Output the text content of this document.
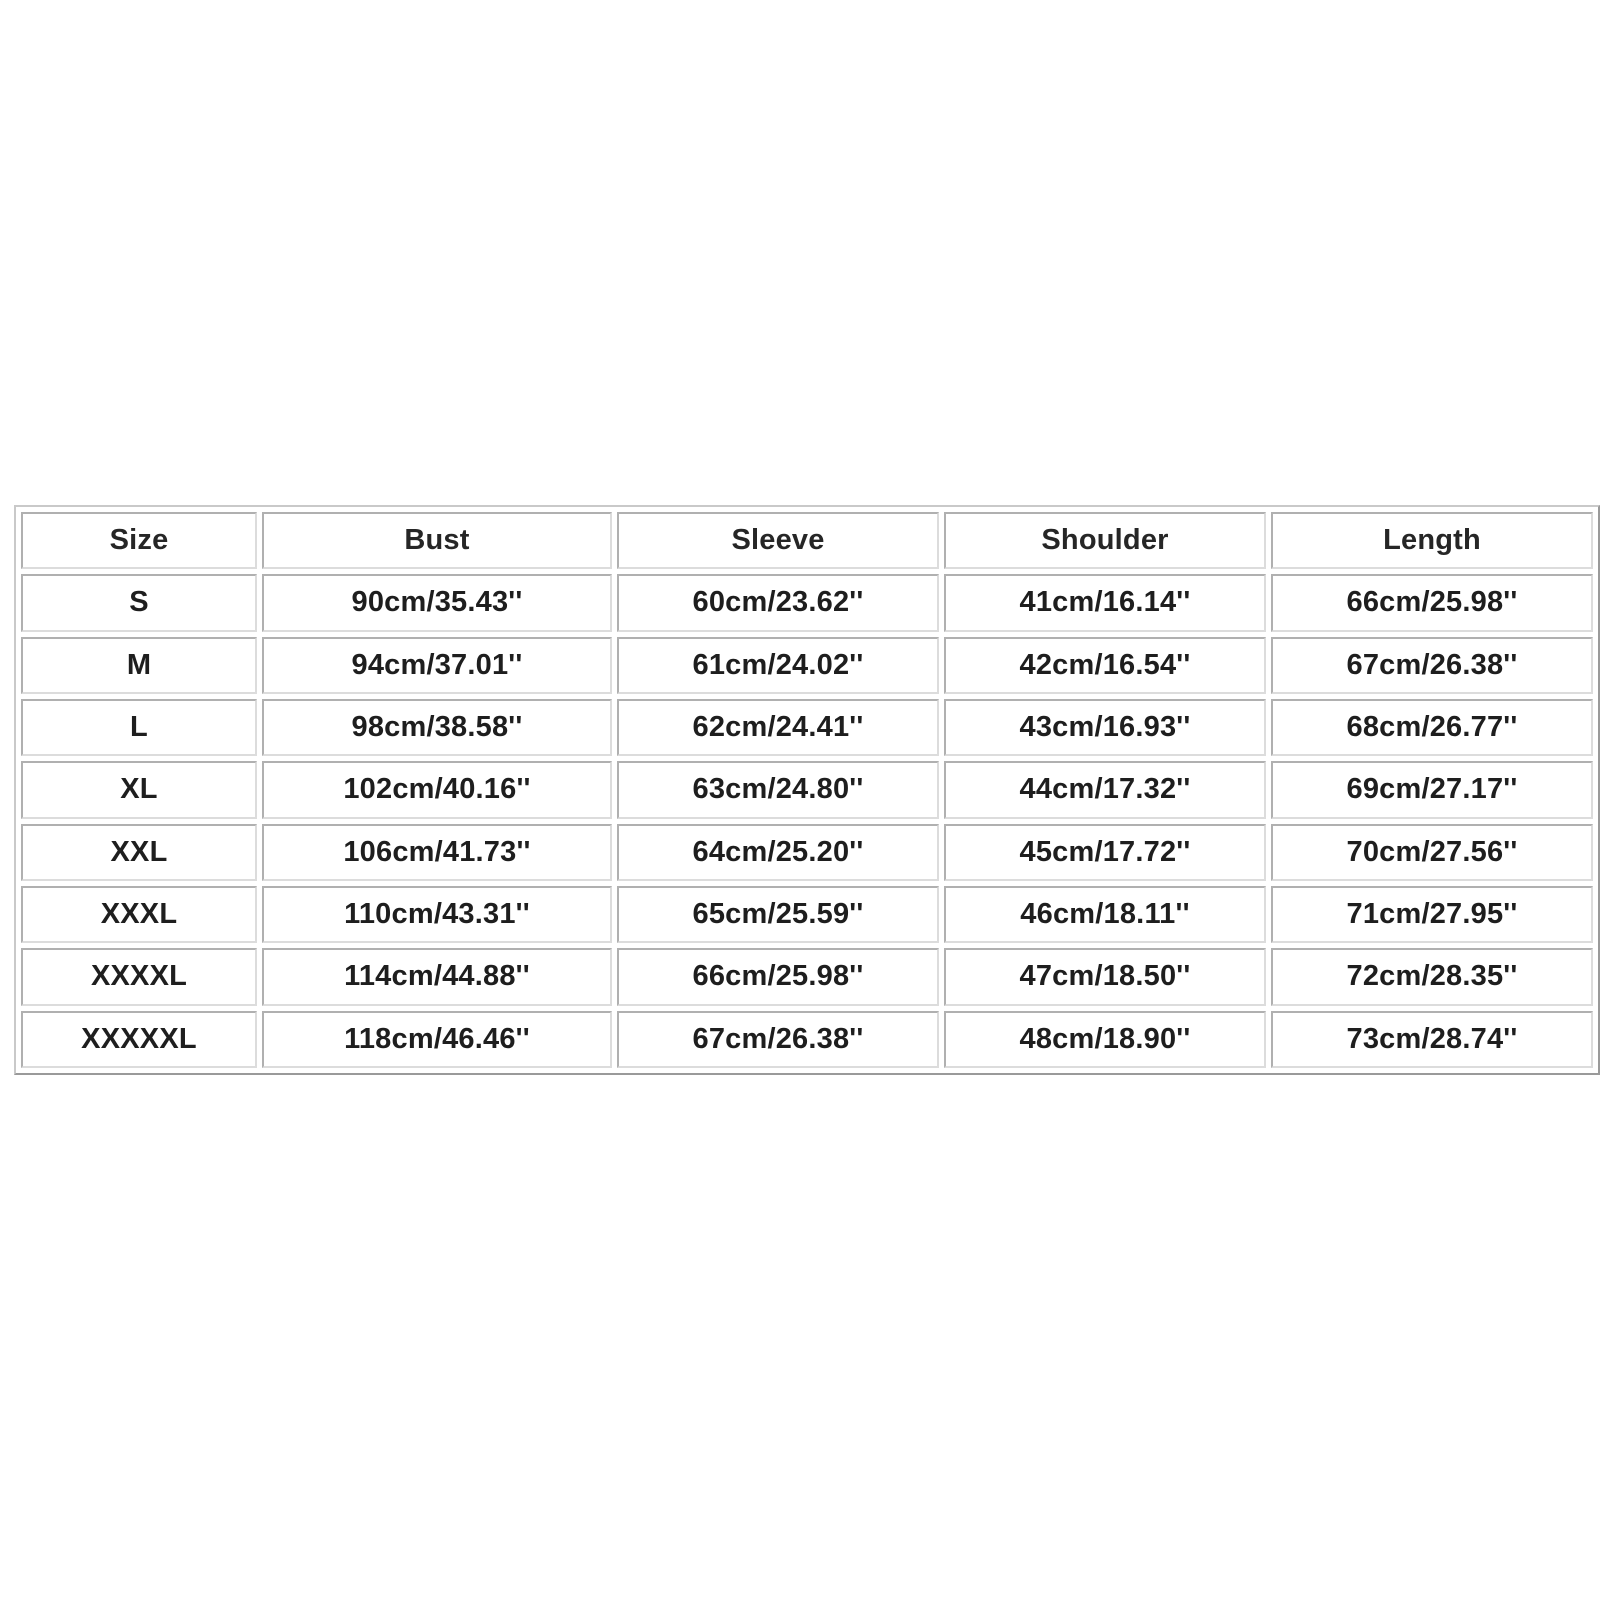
Size	Bust	Sleeve	Shoulder	Length
S	90cm/35.43''	60cm/23.62''	41cm/16.14''	66cm/25.98''
M	94cm/37.01''	61cm/24.02''	42cm/16.54''	67cm/26.38''
L	98cm/38.58''	62cm/24.41''	43cm/16.93''	68cm/26.77''
XL	102cm/40.16''	63cm/24.80''	44cm/17.32''	69cm/27.17''
XXL	106cm/41.73''	64cm/25.20''	45cm/17.72''	70cm/27.56''
XXXL	110cm/43.31''	65cm/25.59''	46cm/18.11''	71cm/27.95''
XXXXL	114cm/44.88''	66cm/25.98''	47cm/18.50''	72cm/28.35''
XXXXXL	118cm/46.46''	67cm/26.38''	48cm/18.90''	73cm/28.74''
